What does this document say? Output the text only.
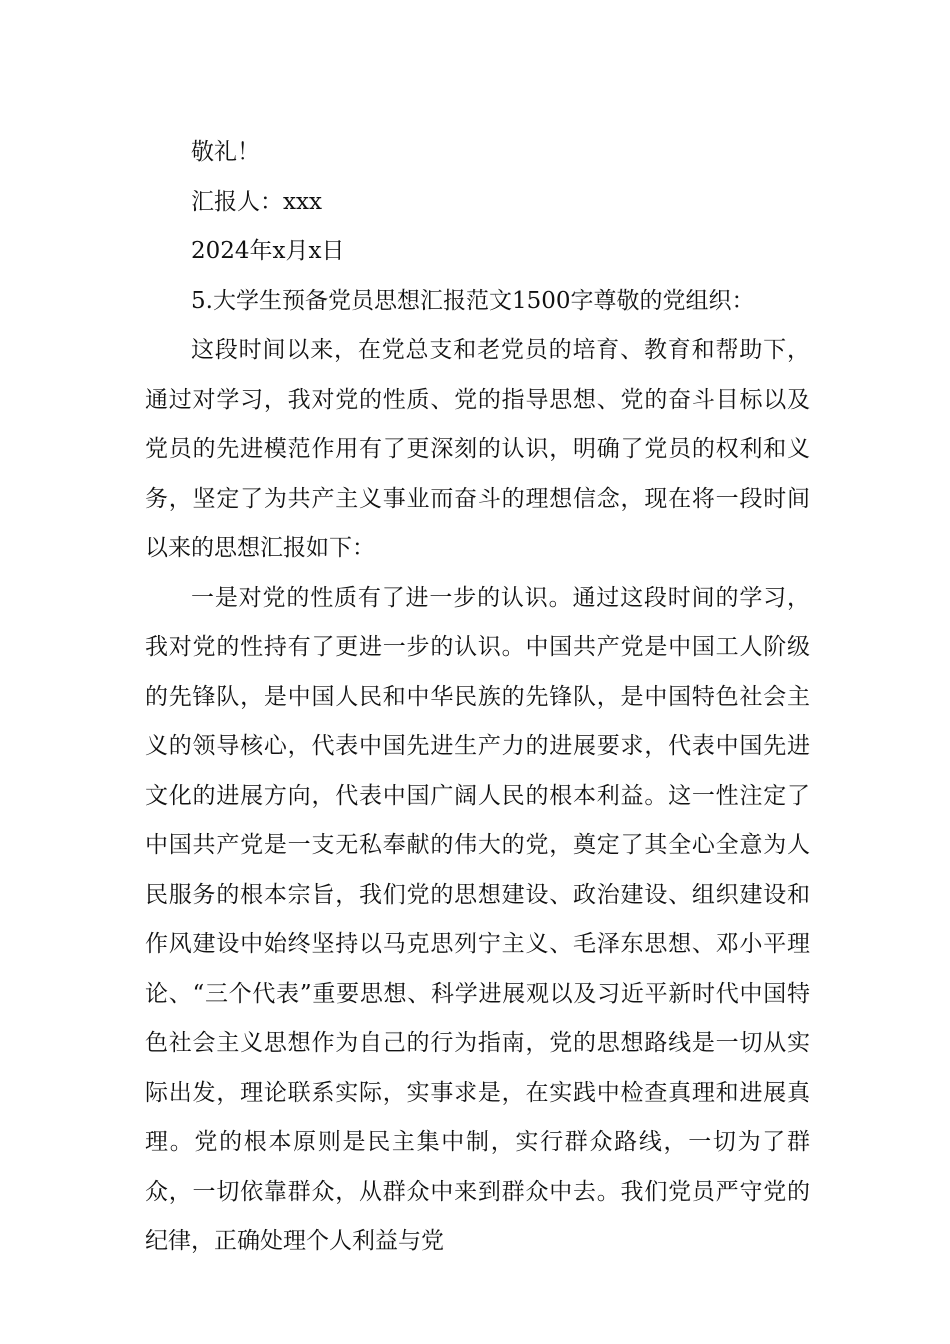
敬礼！

汇报人：xxx

2024年x月x日

5.大学生预备党员思想汇报范文1500字尊敬的党组织：

这段时间以来，在党总支和老党员的培育、教育和帮助下，通过对学习，我对党的性质、党的指导思想、党的奋斗目标以及党员的先进模范作用有了更深刻的认识，明确了党员的权利和义务，坚定了为共产主义事业而奋斗的理想信念，现在将一段时间以来的思想汇报如下：

一是对党的性质有了进一步的认识。通过这段时间的学习，我对党的性持有了更进一步的认识。中国共产党是中国工人阶级的先锋队，是中国人民和中华民族的先锋队，是中国特色社会主义的领导核心，代表中国先进生产力的进展要求，代表中国先进文化的进展方向，代表中国广阔人民的根本利益。这一性注定了中国共产党是一支无私奉献的伟大的党，奠定了其全心全意为人民服务的根本宗旨，我们党的思想建设、政治建设、组织建设和作风建设中始终坚持以马克思列宁主义、毛泽东思想、邓小平理论、“三个代表”重要思想、科学进展观以及习近平新时代中国特色社会主义思想作为自己的行为指南，党的思想路线是一切从实际出发，理论联系实际，实事求是，在实践中检查真理和进展真理。党的根本原则是民主集中制，实行群众路线，一切为了群众，一切依靠群众，从群众中来到群众中去。我们党员严守党的纪律，正确处理个人利益与党
